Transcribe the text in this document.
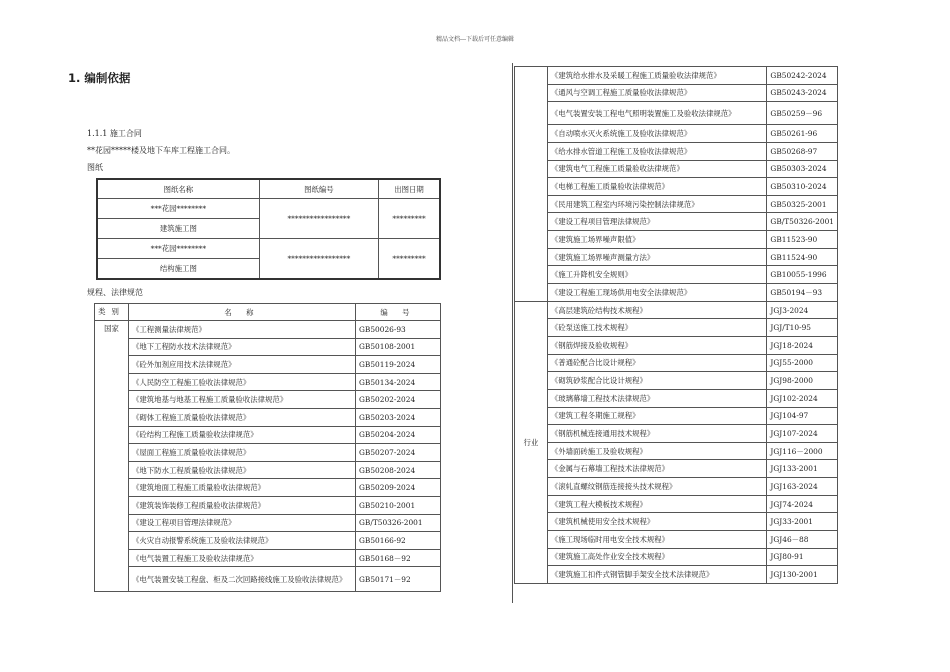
精品文档---下载后可任意编辑
1. 编制依据
1.1.1 施工合同
**花园*****楼及地下车库工程施工合同。
图纸
图纸名称	图纸编号	出图日期
***花园********	*****************	*********
建筑施工图		
***花园********	*****************	*********
结构施工图		
规程、法律规范
类别	名 称	编 号
国家	《工程测量法律规范》	GB50026-93
	《地下工程防水技术法律规范》	GB50108-2001
	《砼外加剂应用技术法律规范》	GB50119-2024
	《人民防空工程施工验收法律规范》	GB50134-2024
	《建筑地基与地基工程施工质量验收法律规范》	GB50202-2024
	《砌体工程施工质量验收法律规范》	GB50203-2024
	《砼结构工程施工质量验收法律规范》	GB50204-2024
	《屋面工程施工质量验收法律规范》	GB50207-2024
	《地下防水工程质量验收法律规范》	GB50208-2024
	《建筑地面工程施工质量验收法律规范》	GB50209-2024
	《建筑装饰装修工程质量验收法律规范》	GB50210-2001
	《建设工程项目管理法律规范》	GB/T50326-2001
	《火灾自动报警系统施工及验收法律规范》	GB50166-92
	《电气装置工程施工及验收法律规范》	GB50168－92
	《电气装置安装工程盘、柜及二次回路接线施工及验收法律规范》	GB50171－92
	《建筑给水排水及采暖工程施工质量验收法律规范》	GB50242-2024
	《通风与空调工程施工质量验收法律规范》	GB50243-2024
	《电气装置安装工程电气照明装置施工及验收法律规范》	GB50259－96
	《自动喷水灭火系统施工及验收法律规范》	GB50261-96
	《给水排水管道工程施工及验收法律规范》	GB50268-97
	《建筑电气工程施工质量验收法律规范》	GB50303-2024
	《电梯工程施工质量验收法律规范》	GB50310-2024
	《民用建筑工程室内环境污染控制法律规范》	GB50325-2001
	《建设工程项目管理法律规范》	GB/T50326-2001
	《建筑施工场界噪声限值》	GB11523-90
	《建筑施工场界噪声测量方法》	GB11524-90
	《施工升降机安全规则》	GB10055-1996
	《建设工程施工现场供用电安全法律规范》	GB50194－93
行业	《高层建筑砼结构技术规程》	JGJ3-2024
	《砼泵送施工技术规程》	JGJ/T10-95
	《钢筋焊接及验收规程》	JGJ18-2024
	《普通砼配合比设计规程》	JGJ55-2000
	《砌筑砂浆配合比设计规程》	JGJ98-2000
	《玻璃幕墙工程技术法律规范》	JGJ102-2024
	《建筑工程冬期施工规程》	JGJ104-97
	《钢筋机械连接通用技术规程》	JGJ107-2024
	《外墙面砖施工及验收规程》	JGJ116－2000
	《金属与石幕墙工程技术法律规范》	JGJ133-2001
	《滚轧直螺纹钢筋连接接头技术规程》	JGJ163-2024
	《建筑工程大模板技术规程》	JGJ74-2024
	《建筑机械使用安全技术规程》	JGJ33-2001
	《施工现场临时用电安全技术规程》	JGJ46－88
	《建筑施工高处作业安全技术规程》	JGJ80-91
	《建筑施工扣件式钢管脚手架安全技术法律规范》	JGJ130-2001
